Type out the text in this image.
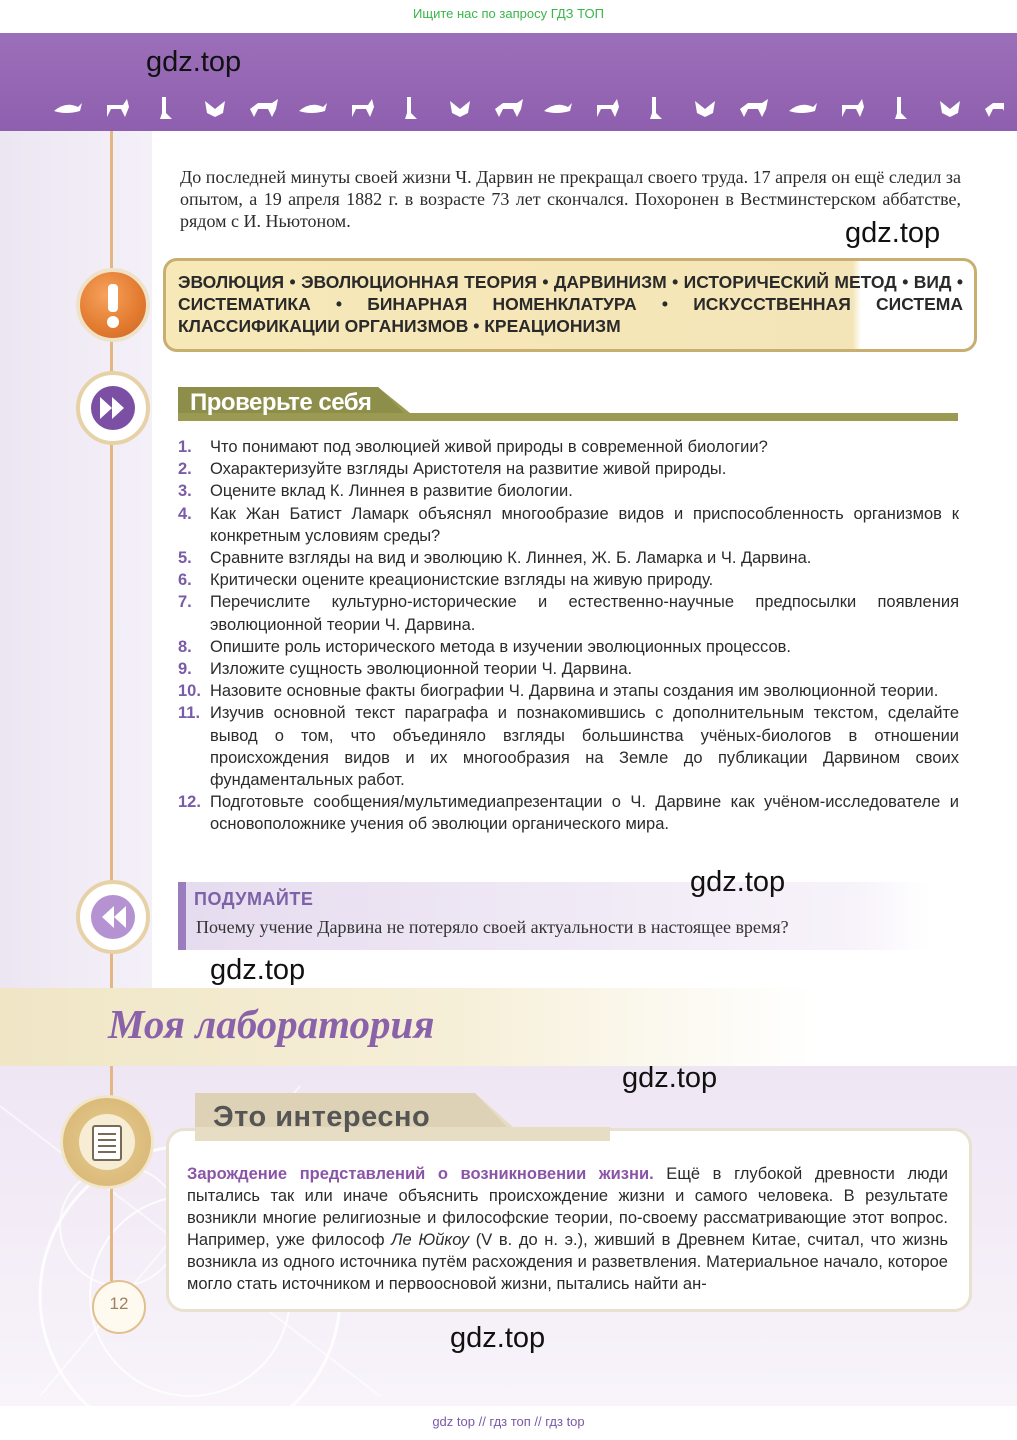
Ищите нас по запросу ГДЗ ТОП
gdz.top
До последней минуты своей жизни Ч. Дарвин не прекращал своего труда. 17 апреля он ещё следил за опытом, а 19 апреля 1882 г. в возрасте 73 лет скончался. Похоронен в Вестминстерском аббатстве, рядом с И. Ньютоном.	gdz.top
ЭВОЛЮЦИЯ • ЭВОЛЮЦИОННАЯ ТЕОРИЯ • ДАРВИНИЗМ • ИСТОРИЧЕСКИЙ МЕТОД • ВИД • СИСТЕМАТИКА • БИНАРНАЯ НОМЕНКЛАТУРА • ИСКУССТВЕННАЯ СИСТЕМА КЛАССИФИКАЦИИ ОРГАНИЗМОВ • КРЕАЦИОНИЗМ
Проверьте себя
1. Что понимают под эволюцией живой природы в современной биологии?
2. Охарактеризуйте взгляды Аристотеля на развитие живой природы.
3. Оцените вклад К. Линнея в развитие биологии.
4. Как Жан Батист Ламарк объяснял многообразие видов и приспособленность организмов к конкретным условиям среды?
5. Сравните взгляды на вид и эволюцию К. Линнея, Ж. Б. Ламарка и Ч. Дарвина.
6. Критически оцените креационистские взгляды на живую природу.
7. Перечислите культурно-исторические и естественно-научные предпосылки появления эволюционной теории Ч. Дарвина.
8. Опишите роль исторического метода в изучении эволюционных процессов.
9. Изложите сущность эволюционной теории Ч. Дарвина.
10. Назовите основные факты биографии Ч. Дарвина и этапы создания им эволюционной теории.
11. Изучив основной текст параграфа и познакомившись с дополнительным текстом, сделайте вывод о том, что объединяло взгляды большинства учёных-биологов в отношении происхождения видов и их многообразия на Земле до публикации Дарвином своих фундаментальных работ.
12. Подготовьте сообщения/мультимедиапрезентации о Ч. Дарвине как учёном-исследователе и основоположнике учения об эволюции органического мира.
ПОДУМАЙТЕ
Почему учение Дарвина не потеряло своей актуальности в настоящее время?
gdz.top
gdz.top
Моя лаборатория
gdz.top
Это интересно
Зарождение представлений о возникновении жизни. Ещё в глубокой древности люди пытались так или иначе объяснить происхождение жизни и самого человека. В результате возникли многие религиозные и философские теории, по-своему рассматривающие этот вопрос. Например, уже философ Ле Юйкоу (V в. до н. э.), живший в Древнем Китае, считал, что жизнь возникла из одного источника путём расхождения и разветвления. Материальное начало, которое могло стать источником и первоосновой жизни, пытались найти ан-
12
gdz.top
gdz top // гдз топ // гдз top
